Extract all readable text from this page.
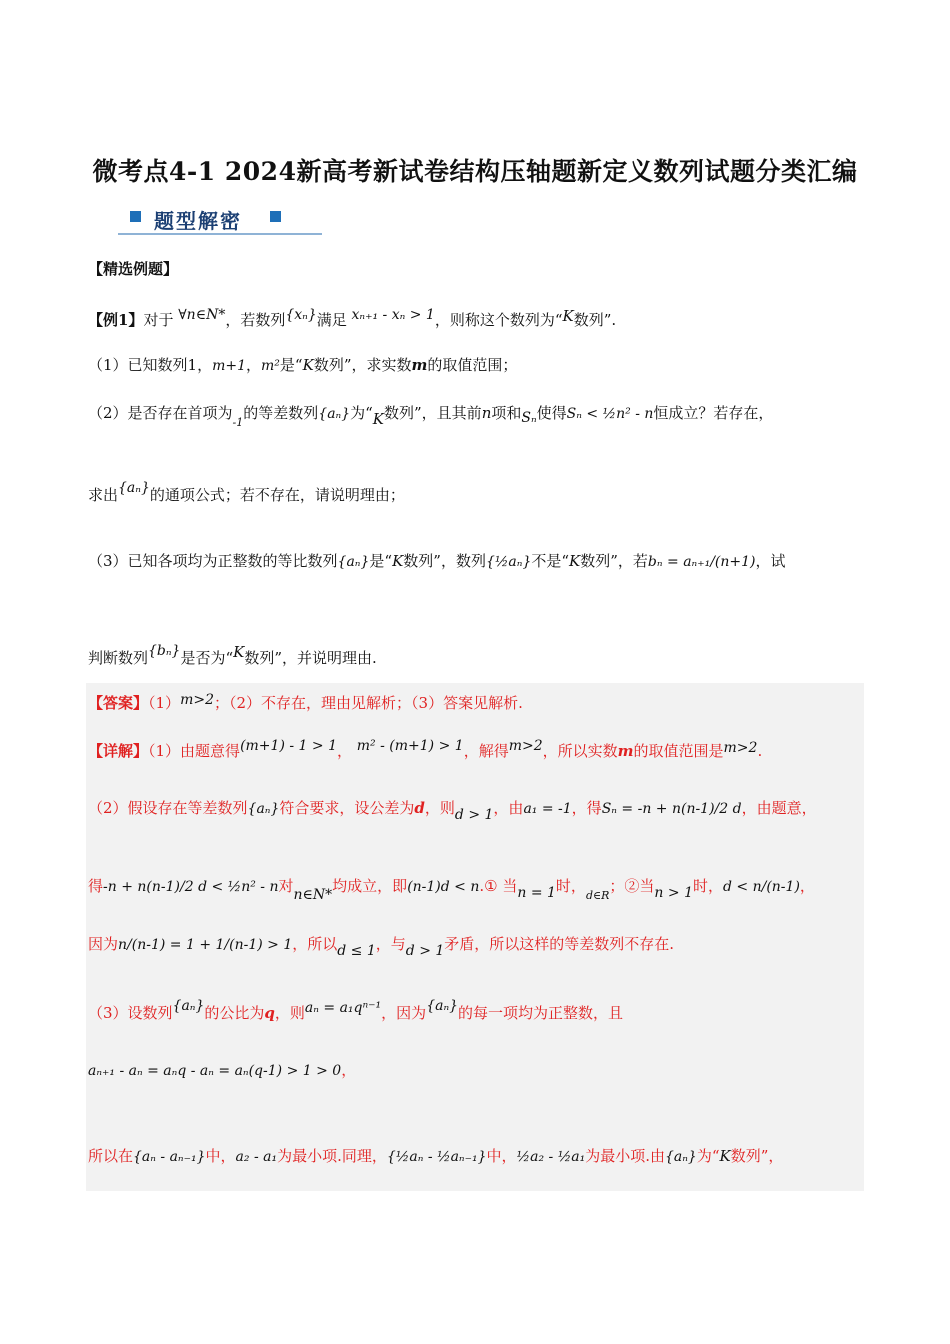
微考点4-1 2024新高考新试卷结构压轴题新定义数列试题分类汇编
题型解密
【精选例题】
【例1】对于 ∀n∈N*，若数列{xₙ}满足 xₙ₊₁ - xₙ > 1，则称这个数列为“K数列”.
（1）已知数列1，m+1，m²是“K数列”，求实数m的取值范围；
（2）是否存在首项为$_{-1}$的等差数列{aₙ}为“K数列”，且其前n项和Sₙ使得Sₙ < ½n² - n恒成立？若存在，
求出{aₙ}的通项公式；若不存在，请说明理由；
（3）已知各项均为正整数的等比数列{aₙ}是“K数列”，数列{½aₙ}不是“K数列”，若bₙ = aₙ₊₁/(n+1)，试
判断数列{bₙ}是否为“K数列”，并说明理由.
【答案】（1）m>2；（2）不存在，理由见解析；（3）答案见解析.
【详解】（1）由题意得(m+1) - 1 > 1， m² - (m+1) > 1，解得m>2，所以实数m的取值范围是m>2.
（2）假设存在等差数列{aₙ}符合要求，设公差为d，则d > 1，由a₁ = -1，得Sₙ = -n + n(n-1)/2 d，由题意，
得-n + n(n-1)/2 d < ½n² - n对n∈N*均成立，即(n-1)d < n.① 当n = 1时，$_{d\in R}$；②当n > 1时，d < n/(n-1)，
因为n/(n-1) = 1 + 1/(n-1) > 1，所以d ≤ 1，与d > 1矛盾，所以这样的等差数列不存在.
（3）设数列{aₙ}的公比为q，则aₙ = a₁qⁿ⁻¹，因为{aₙ}的每一项均为正整数，且
aₙ₊₁ - aₙ = aₙq - aₙ = aₙ(q-1) > 1 > 0，
所以在{aₙ - aₙ₋₁}中，a₂ - a₁为最小项.同理，{½aₙ - ½aₙ₋₁}中，½a₂ - ½a₁为最小项.由{aₙ}为“K数列”，
